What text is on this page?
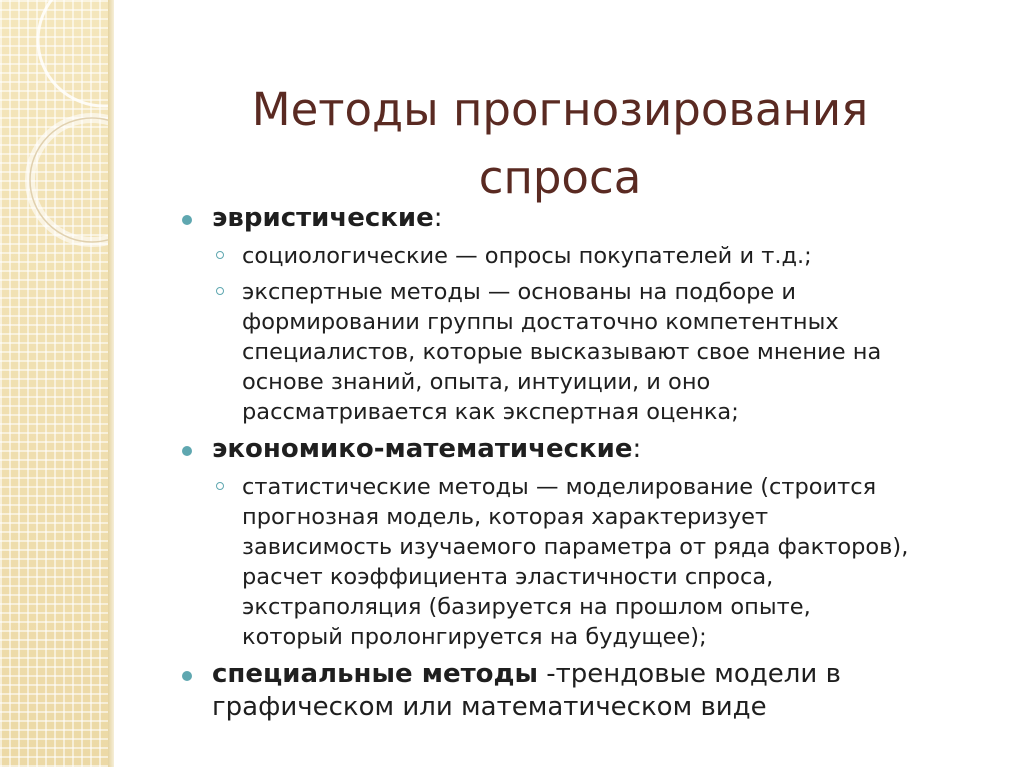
Методы прогнозирования
спроса
эвристические:
социологические — опросы покупателей и т.д.;
экспертные методы — основаны на подборе и
формировании группы достаточно компетентных
специалистов, которые высказывают свое мнение на
основе знаний, опыта, интуиции, и оно
рассматривается как экспертная оценка;
экономико-математические:
статистические методы — моделирование (строится
прогнозная модель, которая характеризует
зависимость изучаемого параметра от ряда факторов),
расчет коэффициента эластичности спроса,
экстраполяция (базируется на прошлом опыте,
который пролонгируется на будущее);
специальные методы -трендовые модели в
графическом или математическом виде
